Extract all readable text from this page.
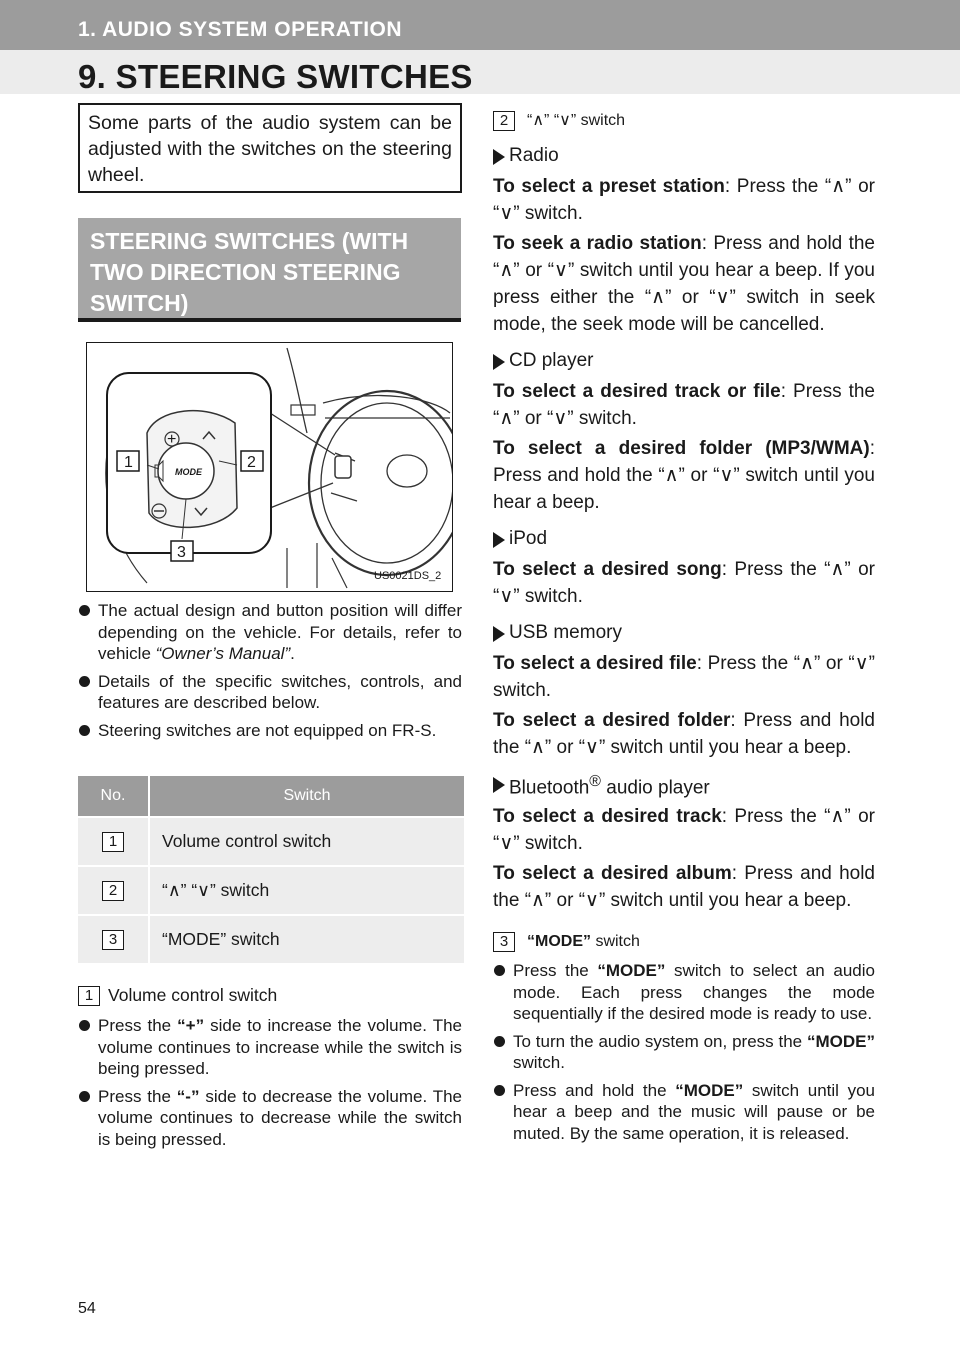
1. AUDIO SYSTEM OPERATION
9. STEERING SWITCHES

Some parts of the audio system can be adjusted with the switches on the steering wheel.

STEERING SWITCHES (WITH TWO DIRECTION STEERING SWITCH)
MODE
+
1	2
3
US0021DS_2
The actual design and button position will differ depending on the vehicle. For details, refer to vehicle “Owner’s Manual”.
Details of the specific switches, controls, and features are described below.
Steering switches are not equipped on FR-S.
No.	Switch
1	Volume control switch
2	“∧” “∨” switch
3	“MODE” switch
1 Volume control switch
Press the “+” side to increase the volume. The volume continues to increase while the switch is being pressed.
Press the “-” side to decrease the volume. The volume continues to decrease while the switch is being pressed.
2 “∧” “∨” switch

Radio

To select a preset station: Press the “∧” or “∨” switch.

To seek a radio station: Press and hold the “∧” or “∨” switch until you hear a beep. If you press either the “∧” or “∨” switch in seek mode, the seek mode will be cancelled.

CD player

To select a desired track or file: Press the “∧” or “∨” switch.

To select a desired folder (MP3/WMA): Press and hold the “∧” or “∨” switch until you hear a beep.

iPod

To select a desired song: Press the “∧” or “∨” switch.

USB memory

To select a desired file: Press the “∧” or “∨” switch.

To select a desired folder: Press and hold the “∧” or “∨” switch until you hear a beep.

Bluetooth® audio player

To select a desired track: Press the “∧” or “∨” switch.

To select a desired album: Press and hold the “∧” or “∨” switch until you hear a beep.

3 “MODE” switch
Press the “MODE” switch to select an audio mode. Each press changes the mode sequentially if the desired mode is ready to use.
To turn the audio system on, press the “MODE” switch.
Press and hold the “MODE” switch until you hear a beep and the music will pause or be muted. By the same operation, it is released.
54
